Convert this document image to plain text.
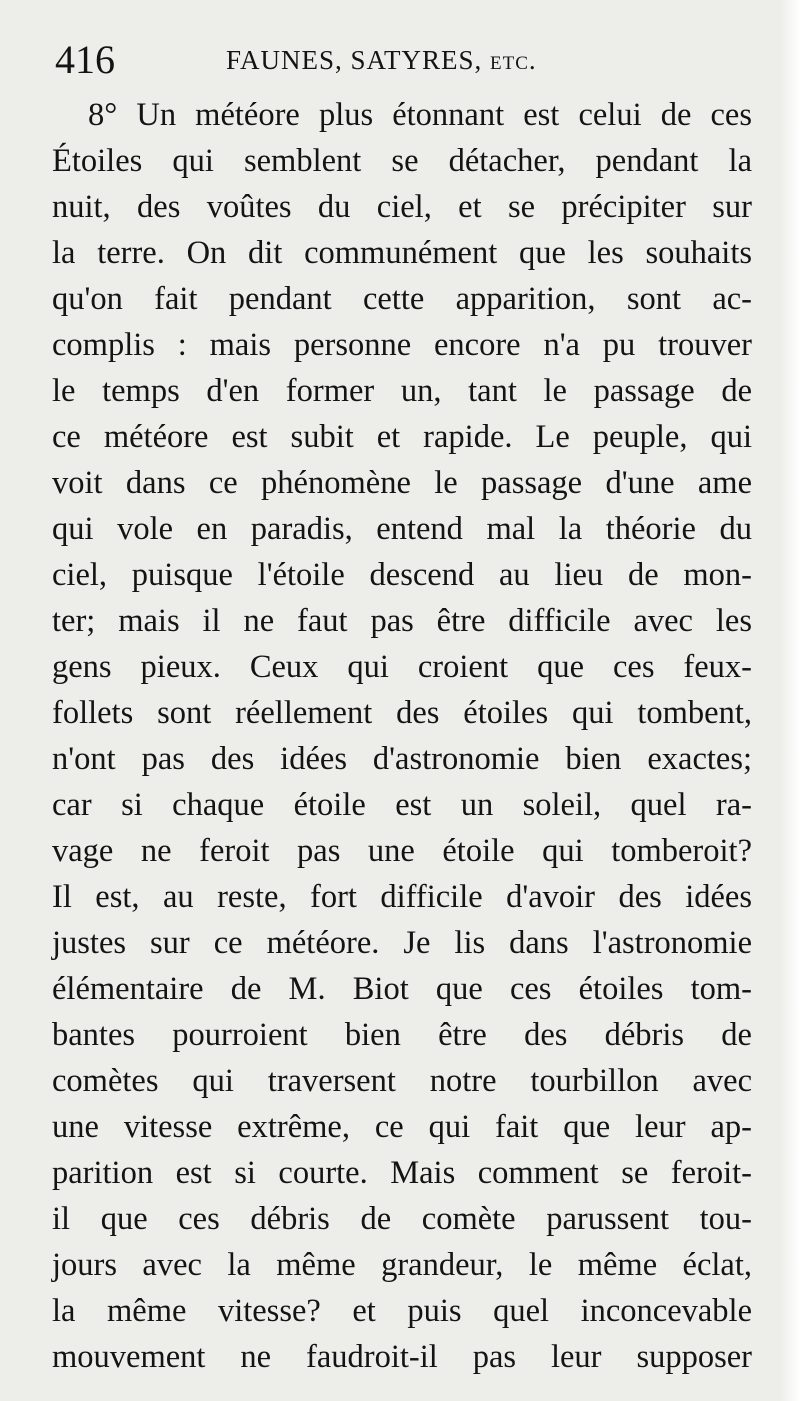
416	FAUNES, SATYRES, etc.
8° Un météore plus étonnant est celui de ces
Étoiles qui semblent se détacher, pendant la
nuit, des voûtes du ciel, et se précipiter sur
la terre. On dit communément que les souhaits
qu'on fait pendant cette apparition, sont ac-
complis : mais personne encore n'a pu trouver
le temps d'en former un, tant le passage de
ce météore est subit et rapide. Le peuple, qui
voit dans ce phénomène le passage d'une ame
qui vole en paradis, entend mal la théorie du
ciel, puisque l'étoile descend au lieu de mon-
ter; mais il ne faut pas être difficile avec les
gens pieux. Ceux qui croient que ces feux-
follets sont réellement des étoiles qui tombent,
n'ont pas des idées d'astronomie bien exactes;
car si chaque étoile est un soleil, quel ra-
vage ne feroit pas une étoile qui tomberoit?
Il est, au reste, fort difficile d'avoir des idées
justes sur ce météore. Je lis dans l'astronomie
élémentaire de M. Biot que ces étoiles tom-
bantes pourroient bien être des débris de
comètes qui traversent notre tourbillon avec
une vitesse extrême, ce qui fait que leur ap-
parition est si courte. Mais comment se feroit-
il que ces débris de comète parussent tou-
jours avec la même grandeur, le même éclat,
la même vitesse? et puis quel inconcevable
mouvement ne faudroit-il pas leur supposer
